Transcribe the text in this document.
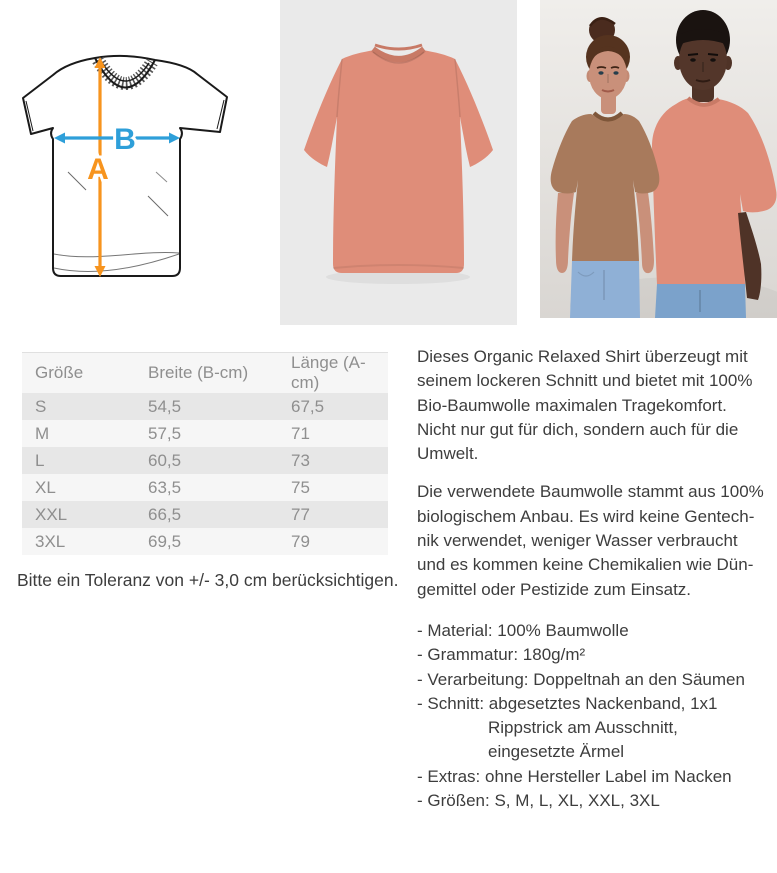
A
B
Größe	Breite (B-cm)	Länge (A-cm)
S	54,5	67,5
M	57,5	71
L	60,5	73
XL	63,5	75
XXL	66,5	77
3XL	69,5	79
Bitte ein Toleranz von +/- 3,0 cm berücksichtigen.
Dieses Organic Relaxed Shirt überzeugt mit
seinem lockeren Schnitt und bietet mit 100%
Bio-Baumwolle maximalen Tragekomfort.
Nicht nur gut für dich, sondern auch für die
Umwelt.
Die verwendete Baumwolle stammt aus 100%
biologischem Anbau. Es wird keine Gentech-
nik verwendet, weniger Wasser verbraucht
und es kommen keine Chemikalien wie Dün-
gemittel oder Pestizide zum Einsatz.
- Material: 100% Baumwolle
- Grammatur: 180g/m²
- Verarbeitung: Doppeltnah an den Säumen
- Schnitt: abgesetztes Nackenband, 1x1
Rippstrick am Ausschnitt,
eingesetzte Ärmel
- Extras: ohne Hersteller Label im Nacken
- Größen: S, M, L, XL, XXL, 3XL
